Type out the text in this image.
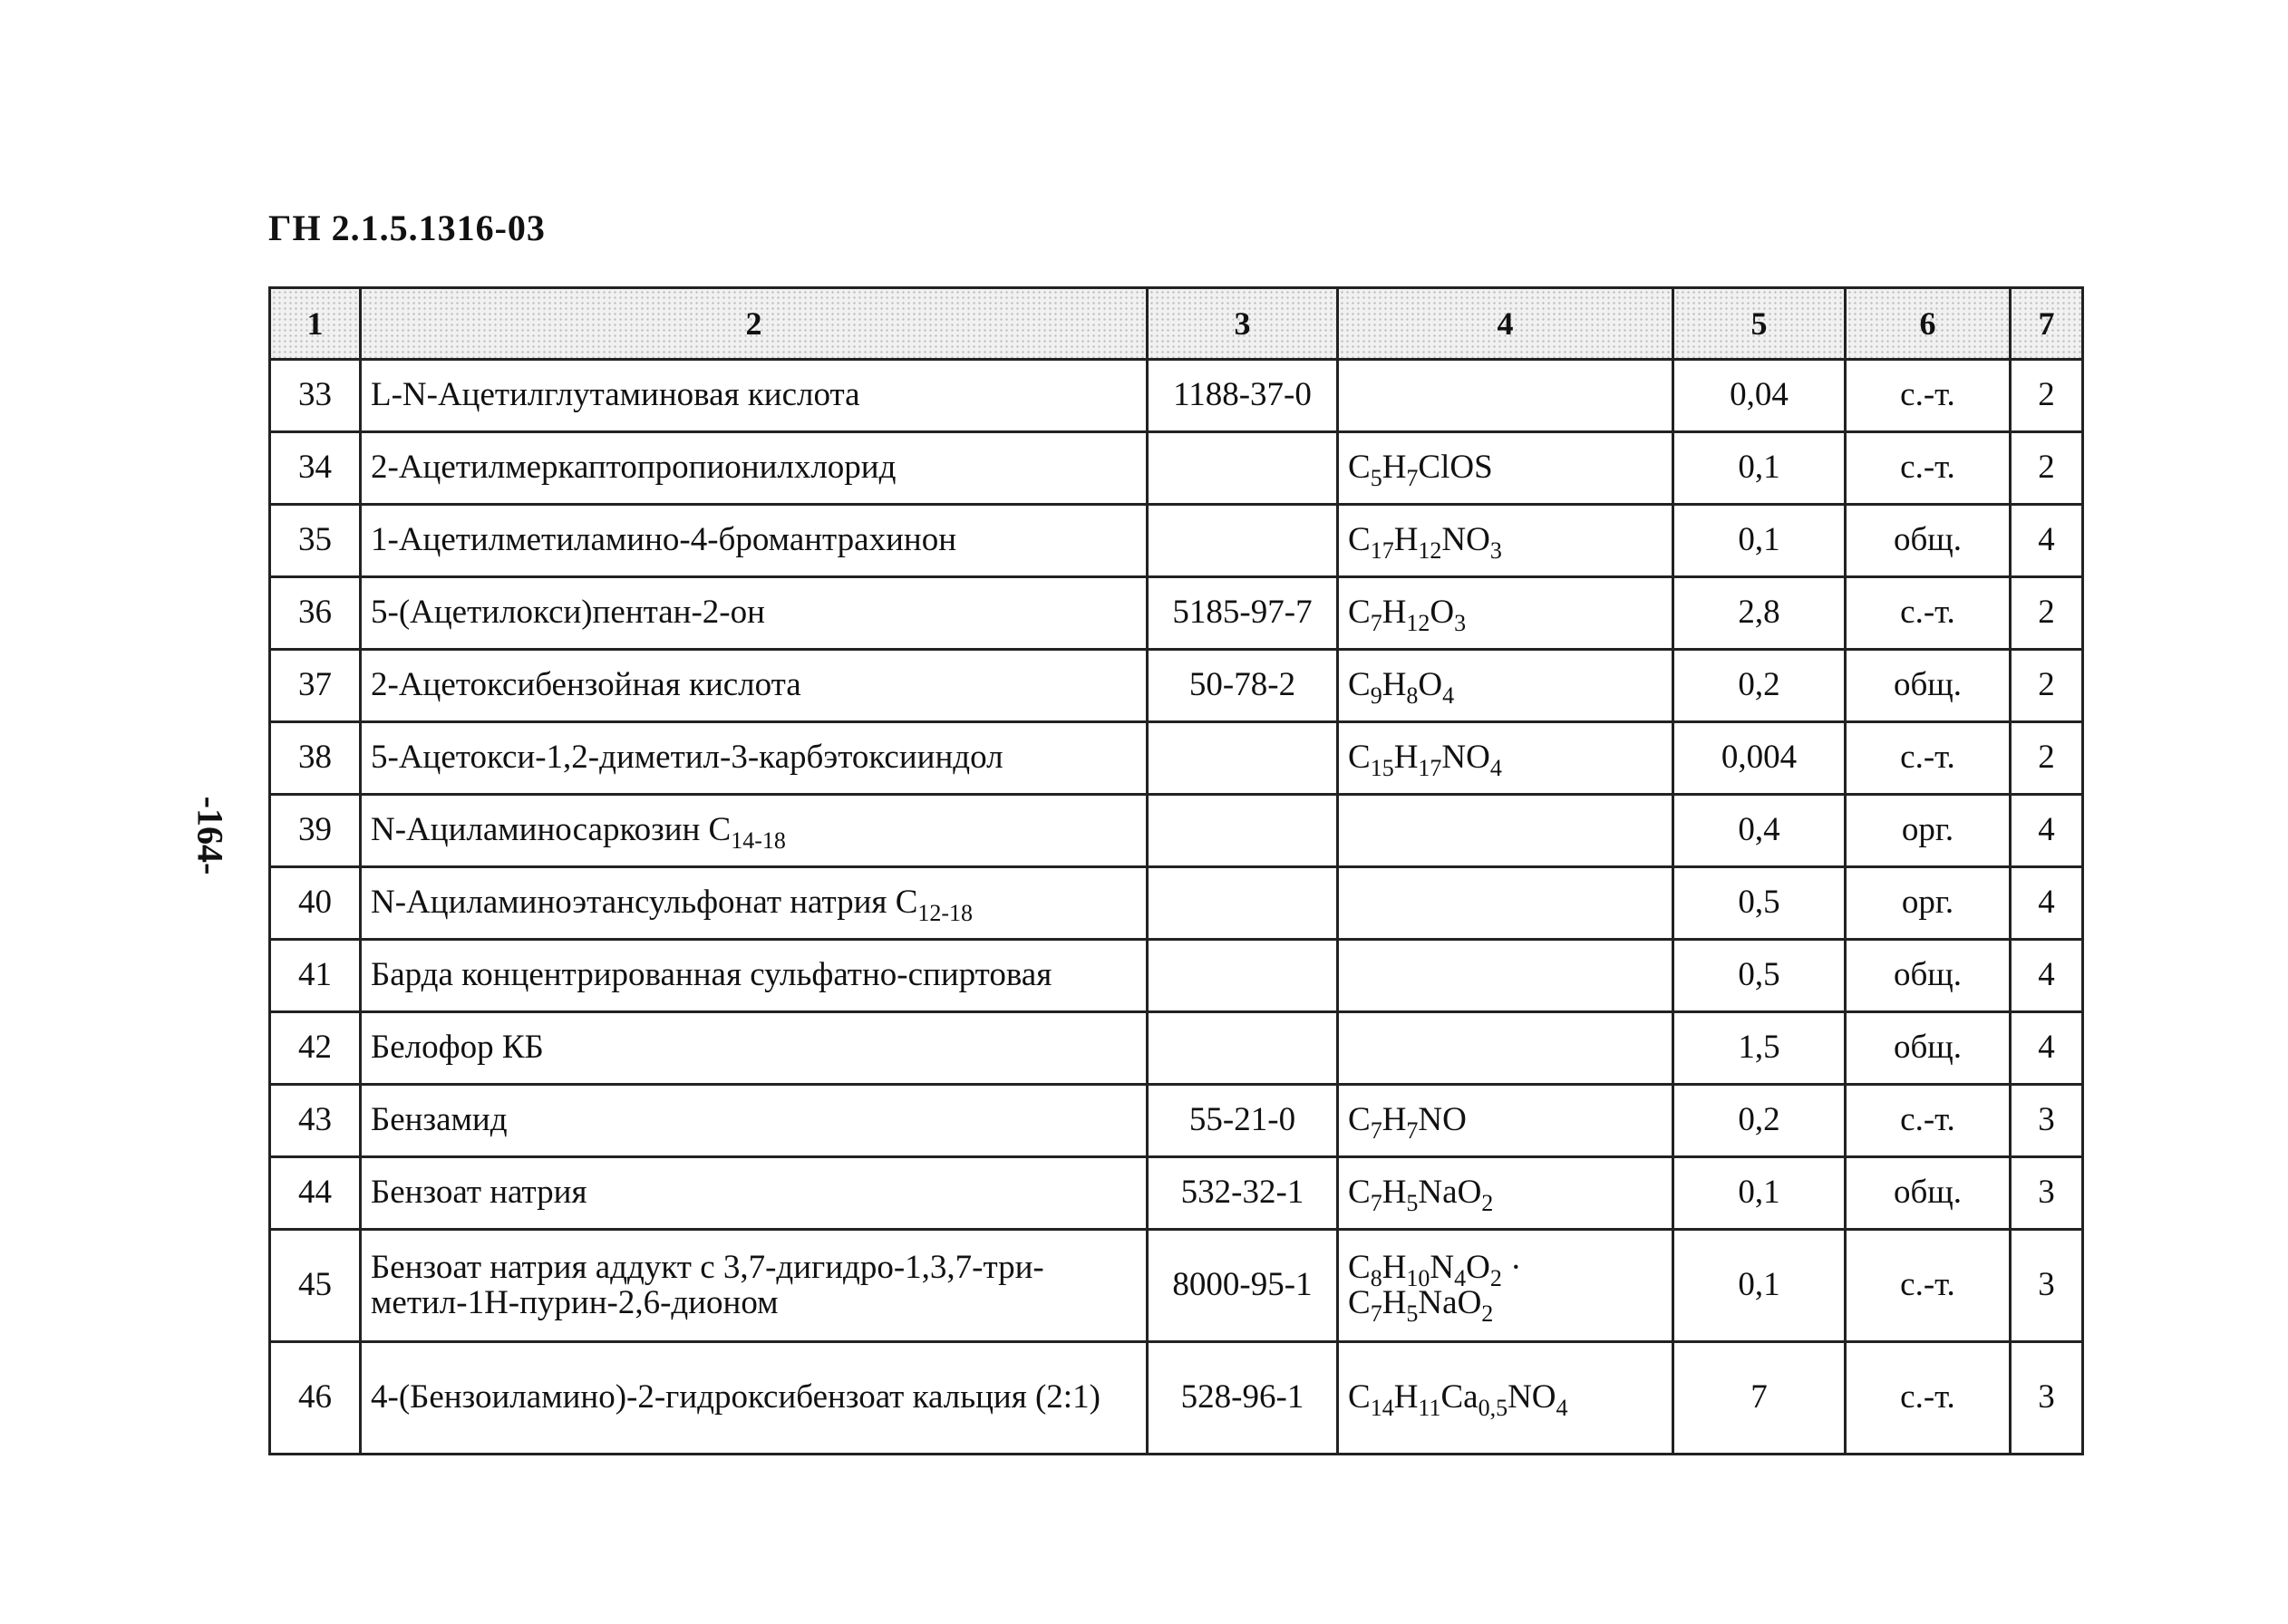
ГН 2.1.5.1316-03
-164-
1	2	3	4	5	6	7
33	L-N-Ацетилглутаминовая кислота	1188-37-0		0,04	с.-т.	2
34	2-Ацетилмеркаптопропионилхлорид		$C_5H_7ClOS$	0,1	с.-т.	2
35	1-Ацетилметиламино-4-бромантрахинон		$C_{17}H_{12}NO_3$	0,1	общ.	4
36	5-(Ацетилокси)пентан-2-он	5185-97-7	$C_7H_{12}O_3$	2,8	с.-т.	2
37	2-Ацетоксибензойная кислота	50-78-2	$C_9H_8O_4$	0,2	общ.	2
38	5-Ацетокси-1,2-диметил-3-карбэтоксииндол		$C_{15}H_{17}NO_4$	0,004	с.-т.	2
39	N-Ациламиносаркозин $C_{14-18}$			0,4	орг.	4
40	N-Ациламиноэтансульфонат натрия $C_{12-18}$			0,5	орг.	4
41	Барда концентрированная сульфатно-спиртовая			0,5	общ.	4
42	Белофор КБ			1,5	общ.	4
43	Бензамид	55-21-0	$C_7H_7NO$	0,2	с.-т.	3
44	Бензоат натрия	532-32-1	$C_7H_5NaO_2$	0,1	общ.	3
45	Бензоат натрия аддукт с 3,7-дигидро-1,3,7-три-метил-1Н-пурин-2,6-дионом	8000-95-1	$C_8H_{10}N_4O_2$ ·
$C_7H_5NaO_2$	0,1	с.-т.	3
46	4-(Бензоиламино)-2-гидроксибензоат кальция (2:1)	528-96-1	$C_{14}H_{11}Ca_{0,5}NO_4$	7	с.-т.	3
